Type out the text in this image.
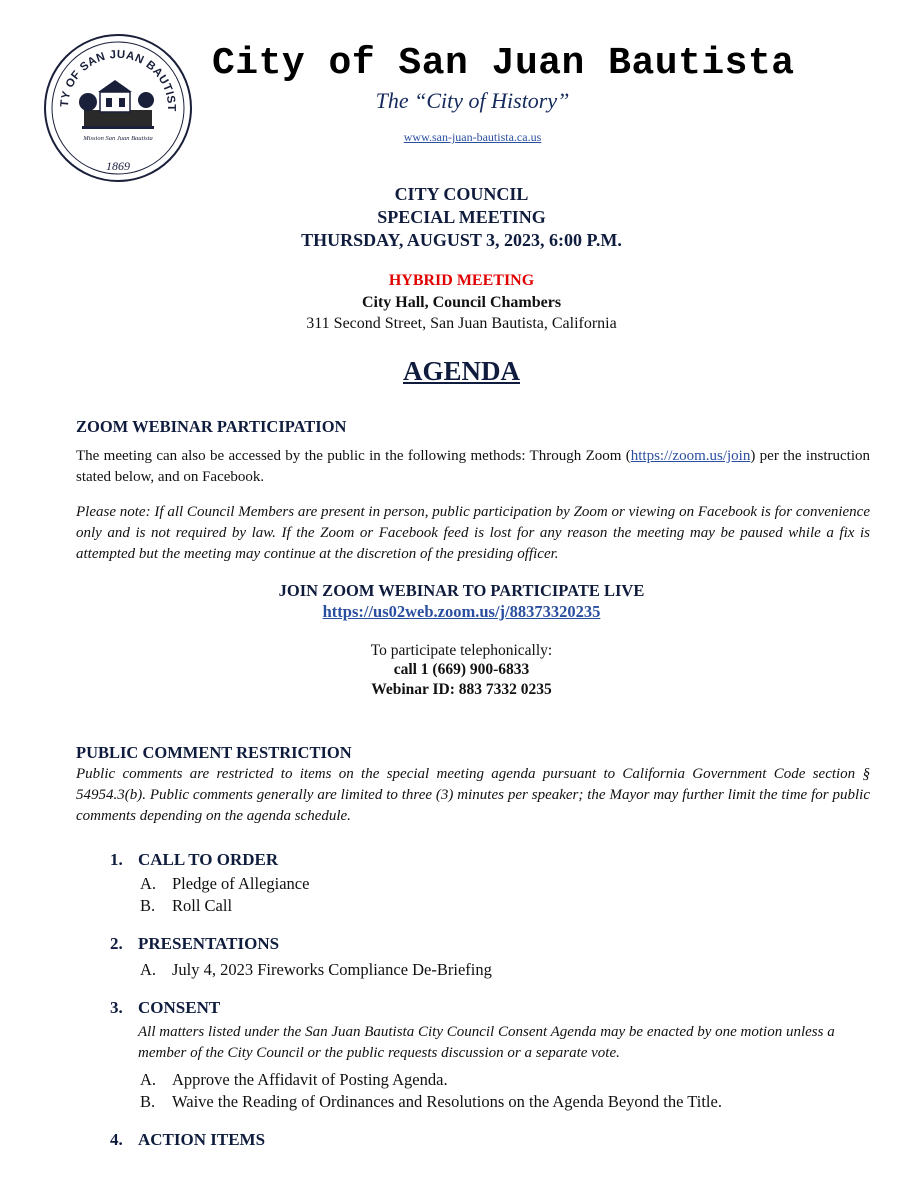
TY OF SAN JUAN BAUTIST
Mission San Juan Bautista
1869
City of San Juan Bautista
The “City of History”
www.san-juan-bautista.ca.us
CITY COUNCIL
SPECIAL MEETING
THURSDAY, AUGUST 3, 2023, 6:00 P.M.
HYBRID MEETING
City Hall, Council Chambers
311 Second Street, San Juan Bautista, California
AGENDA
ZOOM WEBINAR PARTICIPATION
The meeting can also be accessed by the public in the following methods: Through Zoom (https://zoom.us/join) per the instruction stated below, and on Facebook.
Please note: If all Council Members are present in person, public participation by Zoom or viewing on Facebook is for convenience only and is not required by law. If the Zoom or Facebook feed is lost for any reason the meeting may be paused while a fix is attempted but the meeting may continue at the discretion of the presiding officer.
JOIN ZOOM WEBINAR TO PARTICIPATE LIVE
https://us02web.zoom.us/j/88373320235
To participate telephonically:
call 1 (669) 900-6833
Webinar ID: 883 7332 0235
PUBLIC COMMENT RESTRICTION
Public comments are restricted to items on the special meeting agenda pursuant to California Government Code section § 54954.3(b). Public comments generally are limited to three (3) minutes per speaker; the Mayor may further limit the time for public comments depending on the agenda schedule.
1. CALL TO ORDER
A. Pledge of Allegiance
B. Roll Call
2. PRESENTATIONS
A. July 4, 2023 Fireworks Compliance De-Briefing
3. CONSENT
All matters listed under the San Juan Bautista City Council Consent Agenda may be enacted by one motion unless a member of the City Council or the public requests discussion or a separate vote.
A. Approve the Affidavit of Posting Agenda.
B. Waive the Reading of Ordinances and Resolutions on the Agenda Beyond the Title.
4. ACTION ITEMS
